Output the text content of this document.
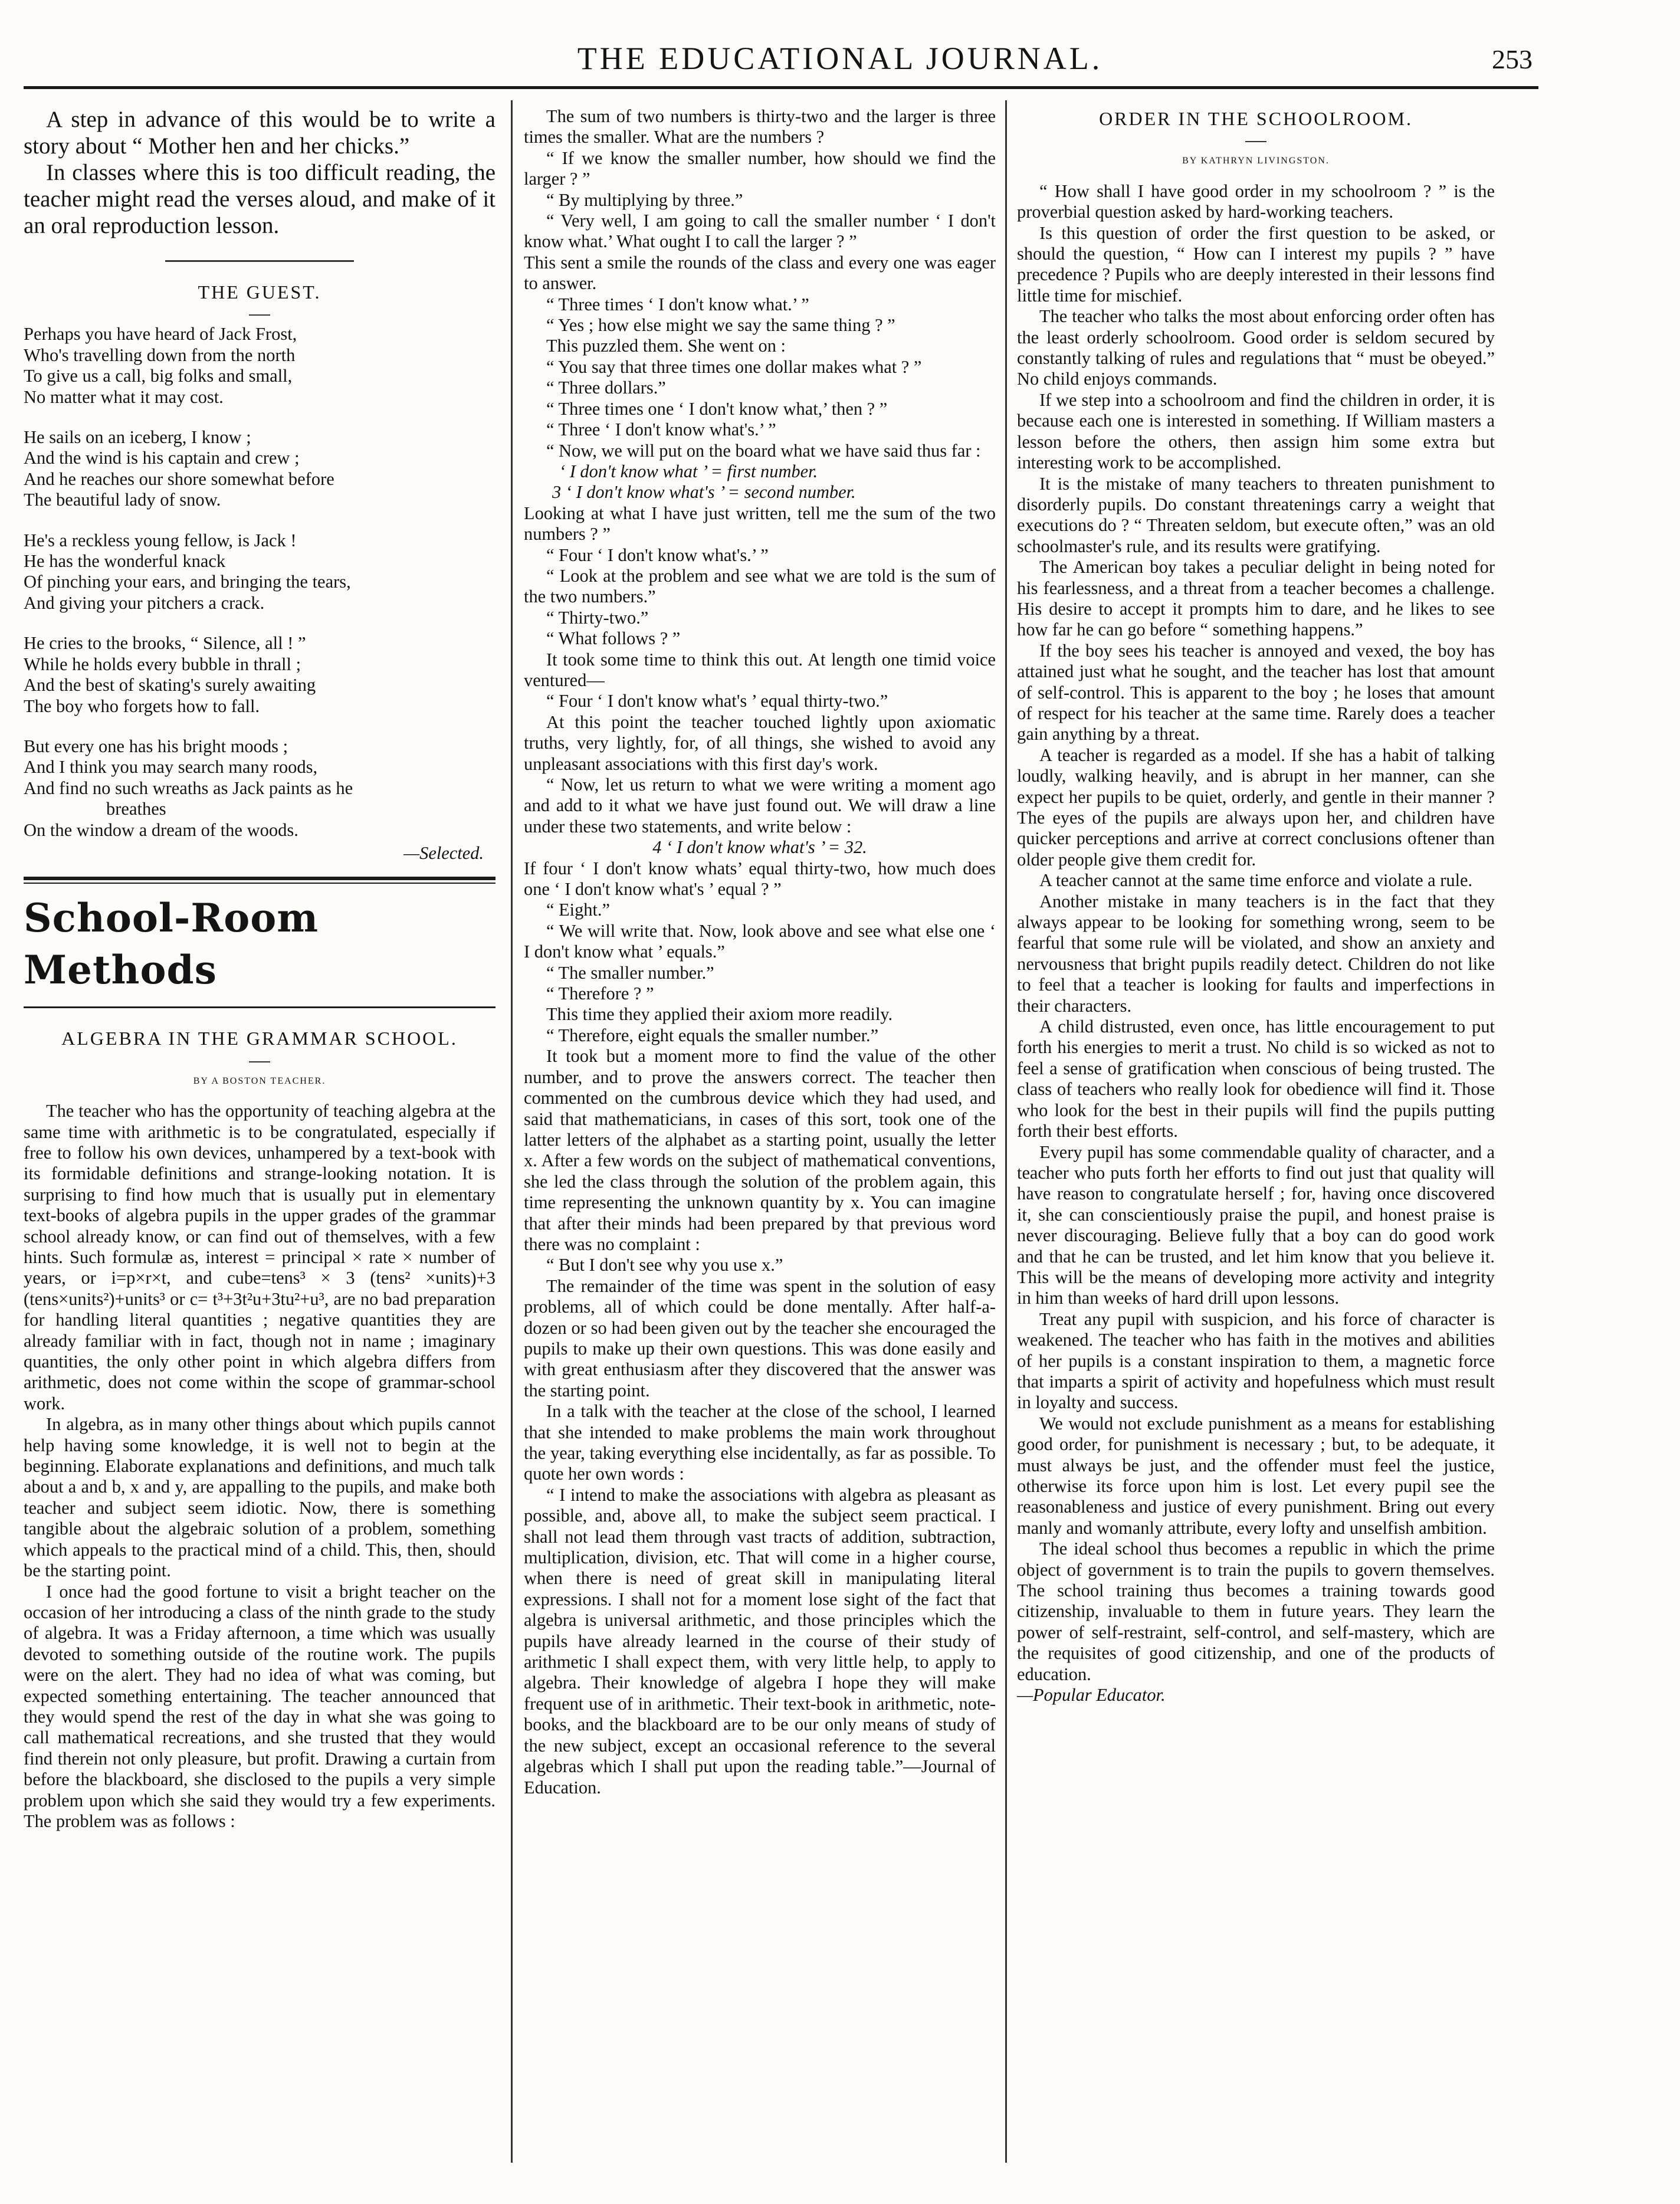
THE EDUCATIONAL JOURNAL.	253

A step in advance of this would be to write a story about “ Mother hen and her chicks.”

In classes where this is too difficult reading, the teacher might read the verses aloud, and make of it an oral reproduction lesson.

THE GUEST.
Perhaps you have heard of Jack Frost,
Who's travelling down from the north
To give us a call, big folks and small,
No matter what it may cost.
He sails on an iceberg, I know ;
And the wind is his captain and crew ;
And he reaches our shore somewhat before
The beautiful lady of snow.
He's a reckless young fellow, is Jack !
He has the wonderful knack
Of pinching your ears, and bringing the tears,
And giving your pitchers a crack.
He cries to the brooks, “ Silence, all ! ”
While he holds every bubble in thrall ;
And the best of skating's surely awaiting
The boy who forgets how to fall.
But every one has his bright moods ;
And I think you may search many roods,
And find no such wreaths as Jack paints as he
breathes
On the window a dream of the woods.
—Selected.
School-Room Methods
ALGEBRA IN THE GRAMMAR SCHOOL.
BY A BOSTON TEACHER.

The teacher who has the opportunity of teaching algebra at the same time with arithmetic is to be congratulated, especially if free to follow his own devices, unhampered by a text-book with its formidable definitions and strange-looking notation. It is surprising to find how much that is usually put in elementary text-books of algebra pupils in the upper grades of the grammar school already know, or can find out of themselves, with a few hints. Such formulæ as, interest = principal × rate × number of years, or i=p×r×t, and cube=tens³ × 3 (tens² ×units)+3 (tens×units²)+units³ or c= t³+3t²u+3tu²+u³, are no bad preparation for handling literal quantities ; negative quantities they are already familiar with in fact, though not in name ; imaginary quantities, the only other point in which algebra differs from arithmetic, does not come within the scope of grammar-school work.

In algebra, as in many other things about which pupils cannot help having some knowledge, it is well not to begin at the beginning. Elaborate explanations and definitions, and much talk about a and b, x and y, are appalling to the pupils, and make both teacher and subject seem idiotic. Now, there is something tangible about the algebraic solution of a problem, something which appeals to the practical mind of a child. This, then, should be the starting point.

I once had the good fortune to visit a bright teacher on the occasion of her introducing a class of the ninth grade to the study of algebra. It was a Friday afternoon, a time which was usually devoted to something outside of the routine work. The pupils were on the alert. They had no idea of what was coming, but expected something entertaining. The teacher announced that they would spend the rest of the day in what she was going to call mathematical recreations, and she trusted that they would find therein not only pleasure, but profit. Drawing a curtain from before the blackboard, she disclosed to the pupils a very simple problem upon which she said they would try a few experiments. The problem was as follows :

The sum of two numbers is thirty-two and the larger is three times the smaller. What are the numbers ?

“ If we know the smaller number, how should we find the larger ? ”

“ By multiplying by three.”

“ Very well, I am going to call the smaller number ‘ I don't know what.’ What ought I to call the larger ? ”

This sent a smile the rounds of the class and every one was eager to answer.

“ Three times ‘ I don't know what.’ ”

“ Yes ; how else might we say the same thing ? ”

This puzzled them. She went on :

“ You say that three times one dollar makes what ? ”

“ Three dollars.”

“ Three times one ‘ I don't know what,’ then ? ”

“ Three ‘ I don't know what's.’ ”

“ Now, we will put on the board what we have said thus far :

‘ I don't know what ’ = first number.

3 ‘ I don't know what's ’ = second number.

Looking at what I have just written, tell me the sum of the two numbers ? ”

“ Four ‘ I don't know what's.’ ”

“ Look at the problem and see what we are told is the sum of the two numbers.”

“ Thirty-two.”

“ What follows ? ”

It took some time to think this out. At length one timid voice ventured—

“ Four ‘ I don't know what's ’ equal thirty-two.”

At this point the teacher touched lightly upon axiomatic truths, very lightly, for, of all things, she wished to avoid any unpleasant associations with this first day's work.

“ Now, let us return to what we were writing a moment ago and add to it what we have just found out. We will draw a line under these two statements, and write below :

4 ‘ I don't know what's ’ = 32.

If four ‘ I don't know whats’ equal thirty-two, how much does one ‘ I don't know what's ’ equal ? ”

“ Eight.”

“ We will write that. Now, look above and see what else one ‘ I don't know what ’ equals.”

“ The smaller number.”

“ Therefore ? ”

This time they applied their axiom more readily.

“ Therefore, eight equals the smaller number.”

It took but a moment more to find the value of the other number, and to prove the answers correct. The teacher then commented on the cumbrous device which they had used, and said that mathematicians, in cases of this sort, took one of the latter letters of the alphabet as a starting point, usually the letter x. After a few words on the subject of mathematical conventions, she led the class through the solution of the problem again, this time representing the unknown quantity by x. You can imagine that after their minds had been prepared by that previous word there was no complaint :

“ But I don't see why you use x.”

The remainder of the time was spent in the solution of easy problems, all of which could be done mentally. After half-a-dozen or so had been given out by the teacher she encouraged the pupils to make up their own questions. This was done easily and with great enthusiasm after they discovered that the answer was the starting point.

In a talk with the teacher at the close of the school, I learned that she intended to make problems the main work throughout the year, taking everything else incidentally, as far as possible. To quote her own words :

“ I intend to make the associations with algebra as pleasant as possible, and, above all, to make the subject seem practical. I shall not lead them through vast tracts of addition, subtraction, multiplication, division, etc. That will come in a higher course, when there is need of great skill in manipulating literal expressions. I shall not for a moment lose sight of the fact that algebra is universal arithmetic, and those principles which the pupils have already learned in the course of their study of arithmetic I shall expect them, with very little help, to apply to algebra. Their knowledge of algebra I hope they will make frequent use of in arithmetic. Their text-book in arithmetic, note-books, and the blackboard are to be our only means of study of the new subject, except an occasional reference to the several algebras which I shall put upon the reading table.”—Journal of Education.

ORDER IN THE SCHOOLROOM.
BY KATHRYN LIVINGSTON.

“ How shall I have good order in my schoolroom ? ” is the proverbial question asked by hard-working teachers.

Is this question of order the first question to be asked, or should the question, “ How can I interest my pupils ? ” have precedence ? Pupils who are deeply interested in their lessons find little time for mischief.

The teacher who talks the most about enforcing order often has the least orderly schoolroom. Good order is seldom secured by constantly talking of rules and regulations that “ must be obeyed.” No child enjoys commands.

If we step into a schoolroom and find the children in order, it is because each one is interested in something. If William masters a lesson before the others, then assign him some extra but interesting work to be accomplished.

It is the mistake of many teachers to threaten punishment to disorderly pupils. Do constant threatenings carry a weight that executions do ? “ Threaten seldom, but execute often,” was an old schoolmaster's rule, and its results were gratifying.

The American boy takes a peculiar delight in being noted for his fearlessness, and a threat from a teacher becomes a challenge. His desire to accept it prompts him to dare, and he likes to see how far he can go before “ something happens.”

If the boy sees his teacher is annoyed and vexed, the boy has attained just what he sought, and the teacher has lost that amount of self-control. This is apparent to the boy ; he loses that amount of respect for his teacher at the same time. Rarely does a teacher gain anything by a threat.

A teacher is regarded as a model. If she has a habit of talking loudly, walking heavily, and is abrupt in her manner, can she expect her pupils to be quiet, orderly, and gentle in their manner ? The eyes of the pupils are always upon her, and children have quicker perceptions and arrive at correct conclusions oftener than older people give them credit for.

A teacher cannot at the same time enforce and violate a rule.

Another mistake in many teachers is in the fact that they always appear to be looking for something wrong, seem to be fearful that some rule will be violated, and show an anxiety and nervousness that bright pupils readily detect. Children do not like to feel that a teacher is looking for faults and imperfections in their characters.

A child distrusted, even once, has little encouragement to put forth his energies to merit a trust. No child is so wicked as not to feel a sense of gratification when conscious of being trusted. The class of teachers who really look for obedience will find it. Those who look for the best in their pupils will find the pupils putting forth their best efforts.

Every pupil has some commendable quality of character, and a teacher who puts forth her efforts to find out just that quality will have reason to congratulate herself ; for, having once discovered it, she can conscientiously praise the pupil, and honest praise is never discouraging. Believe fully that a boy can do good work and that he can be trusted, and let him know that you believe it. This will be the means of developing more activity and integrity in him than weeks of hard drill upon lessons.

Treat any pupil with suspicion, and his force of character is weakened. The teacher who has faith in the motives and abilities of her pupils is a constant inspiration to them, a magnetic force that imparts a spirit of activity and hopefulness which must result in loyalty and success.

We would not exclude punishment as a means for establishing good order, for punishment is necessary ; but, to be adequate, it must always be just, and the offender must feel the justice, otherwise its force upon him is lost. Let every pupil see the reasonableness and justice of every punishment. Bring out every manly and womanly attribute, every lofty and unselfish ambition.

The ideal school thus becomes a republic in which the prime object of government is to train the pupils to govern themselves. The school training thus becomes a training towards good citizenship, invaluable to them in future years. They learn the power of self-restraint, self-control, and self-mastery, which are the requisites of good citizenship, and one of the products of education.

—Popular Educator.
